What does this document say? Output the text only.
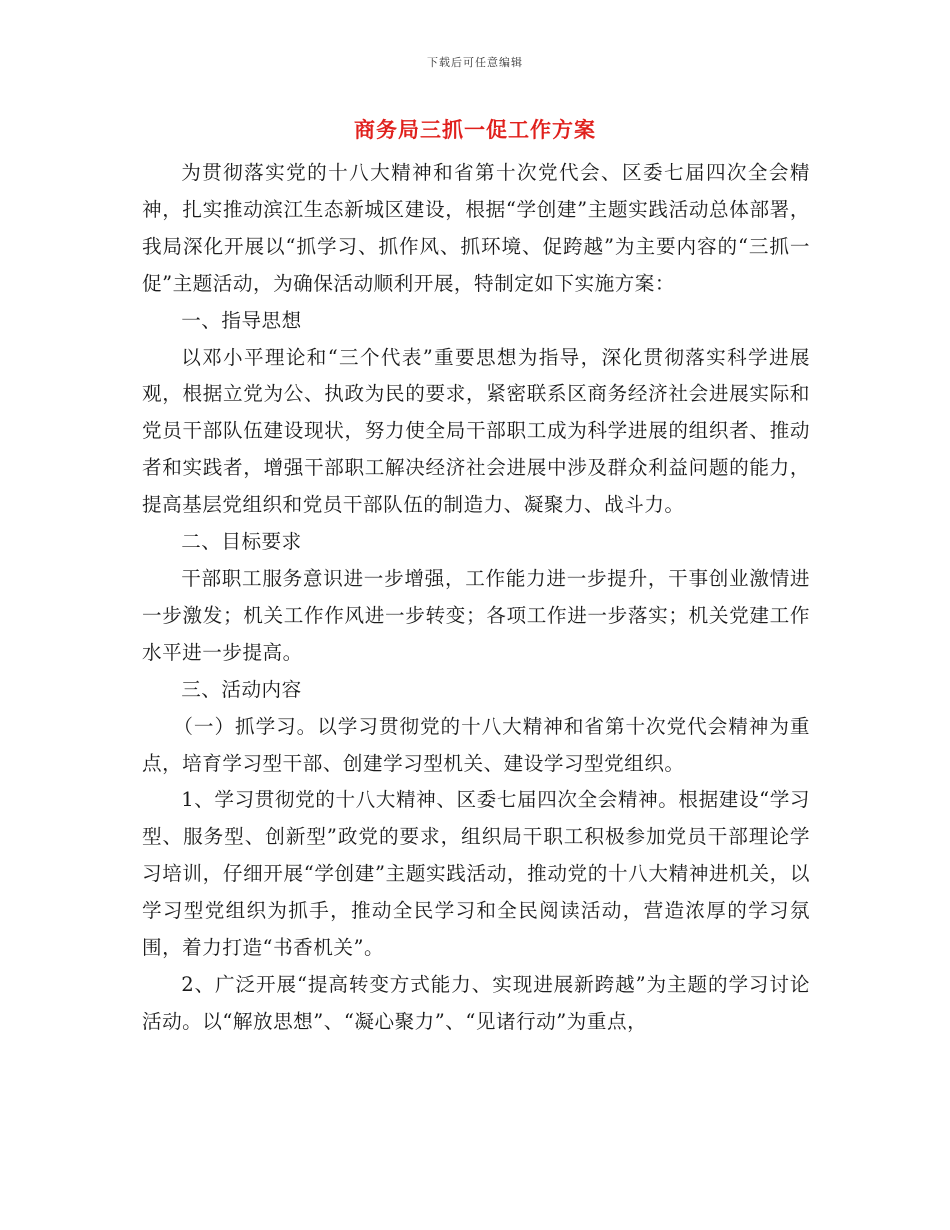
下载后可任意编辑
商务局三抓一促工作方案

为贯彻落实党的十八大精神和省第十次党代会、区委七届四次全会精神，扎实推动滨江生态新城区建设，根据“学创建”主题实践活动总体部署，我局深化开展以“抓学习、抓作风、抓环境、促跨越”为主要内容的“三抓一促”主题活动，为确保活动顺利开展，特制定如下实施方案：

一、指导思想

以邓小平理论和“三个代表”重要思想为指导，深化贯彻落实科学进展观，根据立党为公、执政为民的要求，紧密联系区商务经济社会进展实际和党员干部队伍建设现状，努力使全局干部职工成为科学进展的组织者、推动者和实践者，增强干部职工解决经济社会进展中涉及群众利益问题的能力，提高基层党组织和党员干部队伍的制造力、凝聚力、战斗力。

二、目标要求

干部职工服务意识进一步增强，工作能力进一步提升，干事创业激情进一步激发；机关工作作风进一步转变；各项工作进一步落实；机关党建工作水平进一步提高。

三、活动内容

（一）抓学习。以学习贯彻党的十八大精神和省第十次党代会精神为重点，培育学习型干部、创建学习型机关、建设学习型党组织。

1、学习贯彻党的十八大精神、区委七届四次全会精神。根据建设“学习型、服务型、创新型”政党的要求，组织局干职工积极参加党员干部理论学习培训，仔细开展“学创建”主题实践活动，推动党的十八大精神进机关，以学习型党组织为抓手，推动全民学习和全民阅读活动，营造浓厚的学习氛围，着力打造“书香机关”。

2、广泛开展“提高转变方式能力、实现进展新跨越”为主题的学习讨论活动。以“解放思想”、“凝心聚力”、“见诸行动”为重点，
